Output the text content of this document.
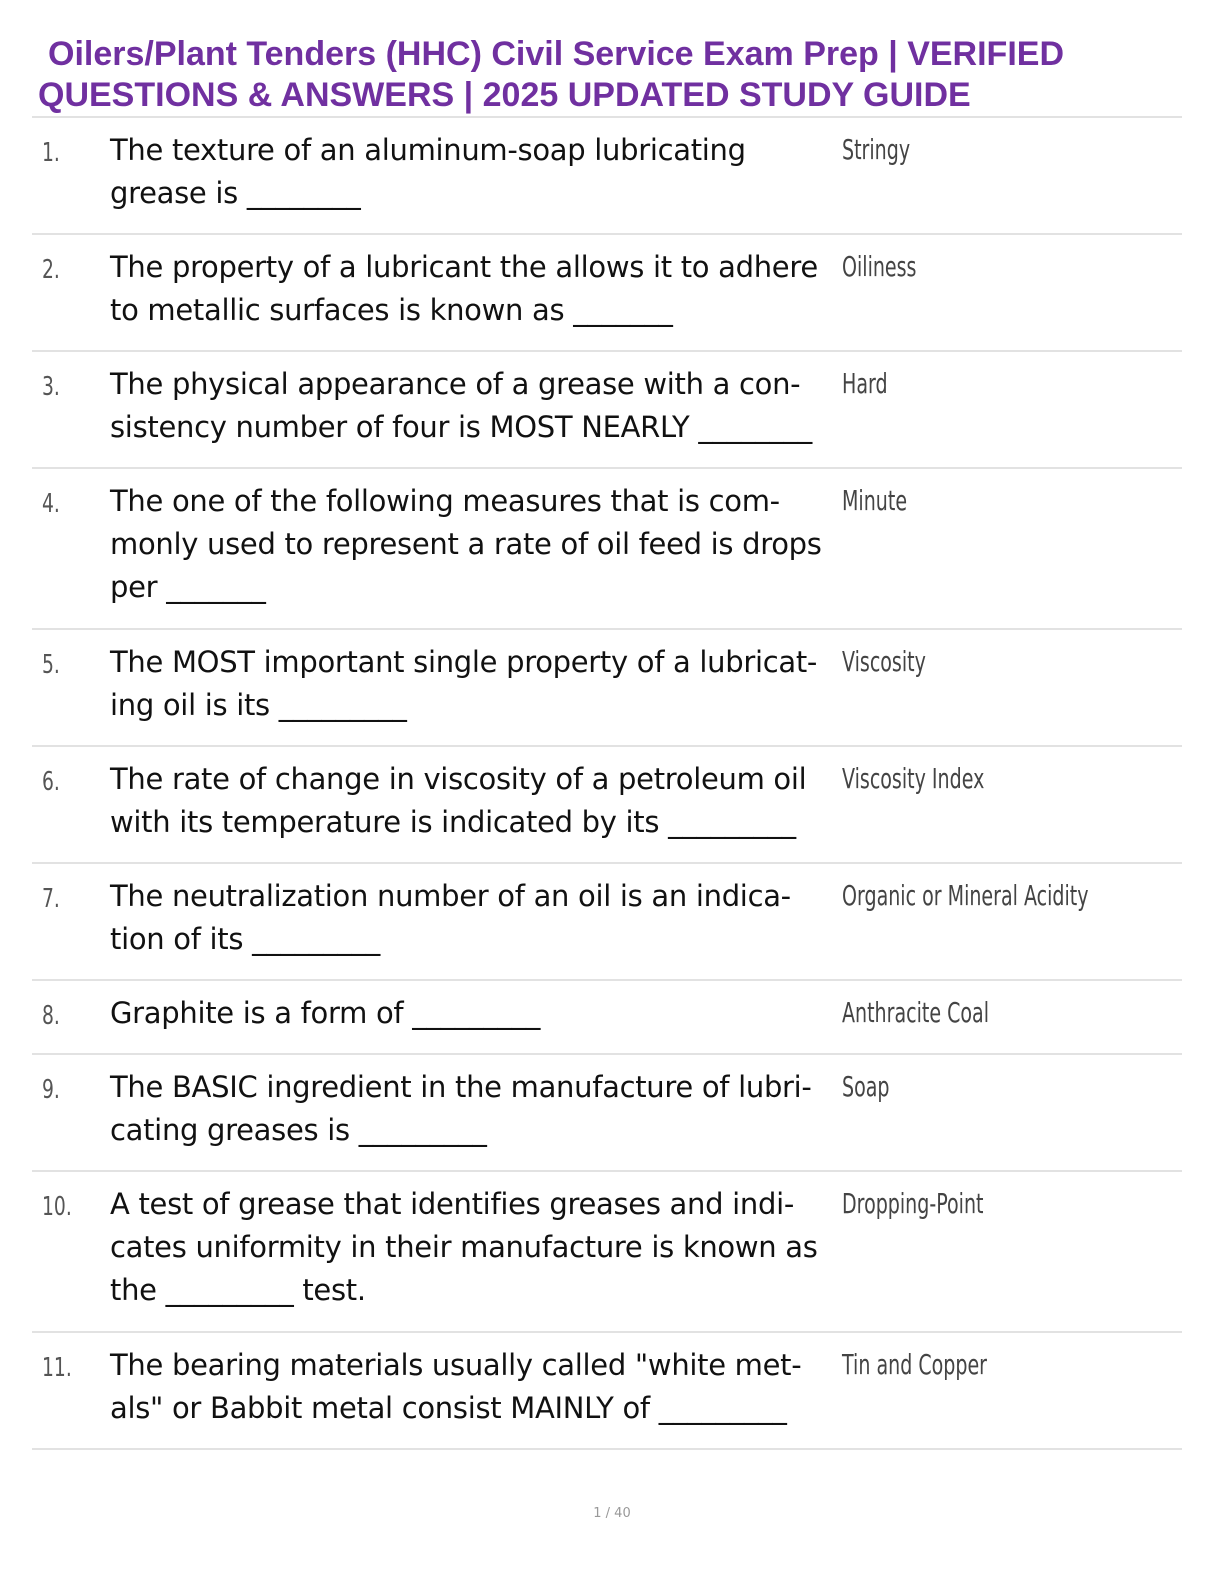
Oilers/Plant Tenders (HHC) Civil Service Exam Prep | VERIFIED
QUESTIONS & ANSWERS | 2025 UPDATED STUDY GUIDE
1. The texture of an aluminum-soap lubricating
grease is ________
Stringy
2. The property of a lubricant the allows it to adhere
to metallic surfaces is known as _______
Oiliness
3. The physical appearance of a grease with a con-
sistency number of four is MOST NEARLY ________
Hard
4. The one of the following measures that is com-
monly used to represent a rate of oil feed is drops
per _______
Minute
5. The MOST important single property of a lubricat-
ing oil is its _________
Viscosity
6. The rate of change in viscosity of a petroleum oil
with its temperature is indicated by its _________
Viscosity Index
7. The neutralization number of an oil is an indica-
tion of its _________
Organic or Mineral Acidity
8. Graphite is a form of _________	Anthracite Coal
9. The BASIC ingredient in the manufacture of lubri-
cating greases is _________
Soap
10. A test of grease that identifies greases and indi-
cates uniformity in their manufacture is known as
the _________ test.
Dropping-Point
11. The bearing materials usually called "white met-
als" or Babbit metal consist MAINLY of _________
Tin and Copper
1 / 40
